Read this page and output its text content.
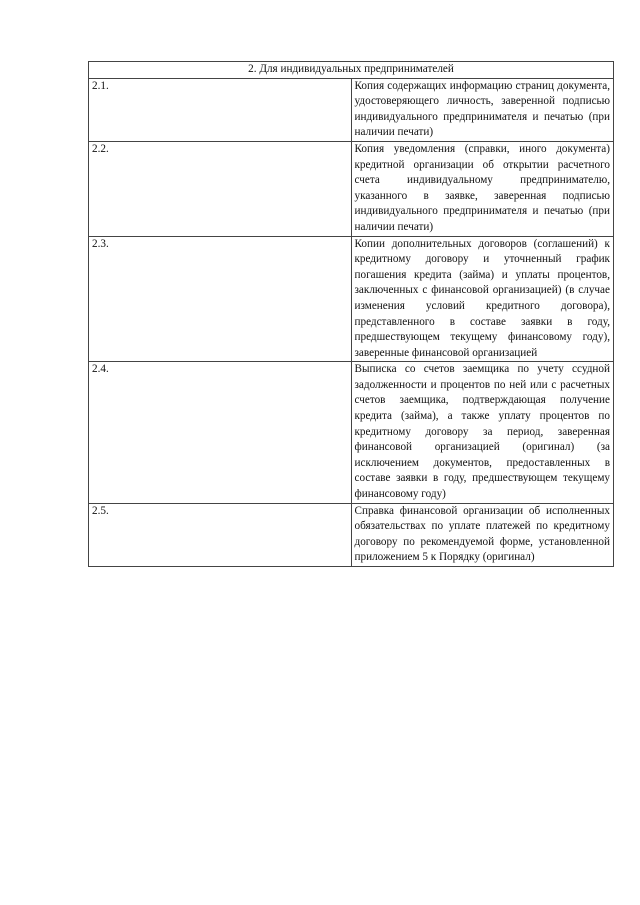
2. Для индивидуальных предпринимателей	
2.1.	Копия содержащих информацию страниц документа, удостоверяющего личность, заверенной подписью индивидуального предпринимателя и печатью (при наличии печати)
2.2.	Копия уведомления (справки, иного документа) кредитной организации об открытии расчетного счета индивидуальному предпринимателю, указанного в заявке, заверенная подписью индивидуального предпринимателя и печатью (при наличии печати)
2.3.	Копии дополнительных договоров (соглашений) к кредитному договору и уточненный график погашения кредита (займа) и уплаты процентов, заключенных с финансовой организацией) (в случае изменения условий кредитного договора), представленного в составе заявки в году, предшествующем текущему финансовому году), заверенные финансовой организацией
2.4.	Выписка со счетов заемщика по учету ссудной задолженности и процентов по ней или с расчетных счетов заемщика, подтверждающая получение кредита (займа), а также уплату процентов по кредитному договору за период, заверенная финансовой организацией (оригинал) (за исключением документов, предоставленных в составе заявки в году, предшествующем текущему финансовому году)
2.5.	Справка финансовой организации об исполненных обязательствах по уплате платежей по кредитному договору по рекомендуемой форме, установленной приложением 5 к Порядку (оригинал)
